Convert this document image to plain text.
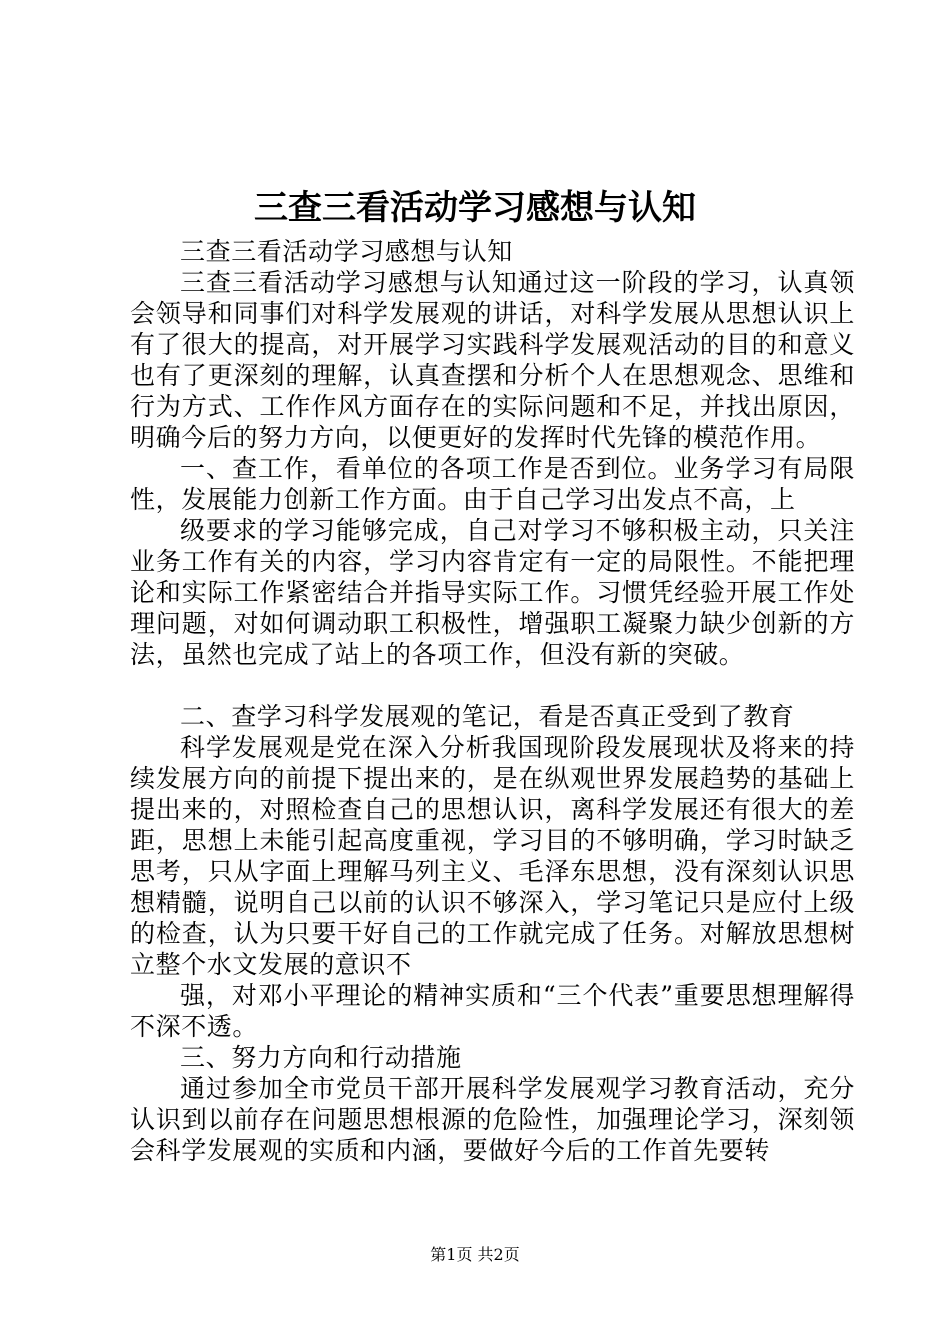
三查三看活动学习感想与认知

三查三看活动学习感想与认知

三查三看活动学习感想与认知通过这一阶段的学习，认真领会领导和同事们对科学发展观的讲话，对科学发展从思想认识上有了很大的提高，对开展学习实践科学发展观活动的目的和意义也有了更深刻的理解，认真查摆和分析个人在思想观念、思维和行为方式、工作作风方面存在的实际问题和不足，并找出原因，明确今后的努力方向，以便更好的发挥时代先锋的模范作用。

一、查工作，看单位的各项工作是否到位。业务学习有局限性，发展能力创新工作方面。由于自己学习出发点不高，上

级要求的学习能够完成，自己对学习不够积极主动，只关注业务工作有关的内容，学习内容肯定有一定的局限性。不能把理论和实际工作紧密结合并指导实际工作。习惯凭经验开展工作处理问题，对如何调动职工积极性，增强职工凝聚力缺少创新的方法，虽然也完成了站上的各项工作，但没有新的突破。

二、查学习科学发展观的笔记，看是否真正受到了教育

科学发展观是党在深入分析我国现阶段发展现状及将来的持续发展方向的前提下提出来的，是在纵观世界发展趋势的基础上提出来的，对照检查自己的思想认识，离科学发展还有很大的差距，思想上未能引起高度重视，学习目的不够明确，学习时缺乏思考，只从字面上理解马列主义、毛泽东思想，没有深刻认识思想精髓，说明自己以前的认识不够深入，学习笔记只是应付上级的检查，认为只要干好自己的工作就完成了任务。对解放思想树立整个水文发展的意识不

强，对邓小平理论的精神实质和“三个代表”重要思想理解得不深不透。

三、努力方向和行动措施

通过参加全市党员干部开展科学发展观学习教育活动，充分认识到以前存在问题思想根源的危险性，加强理论学习，深刻领会科学发展观的实质和内涵，要做好今后的工作首先要转

第1页 共2页
